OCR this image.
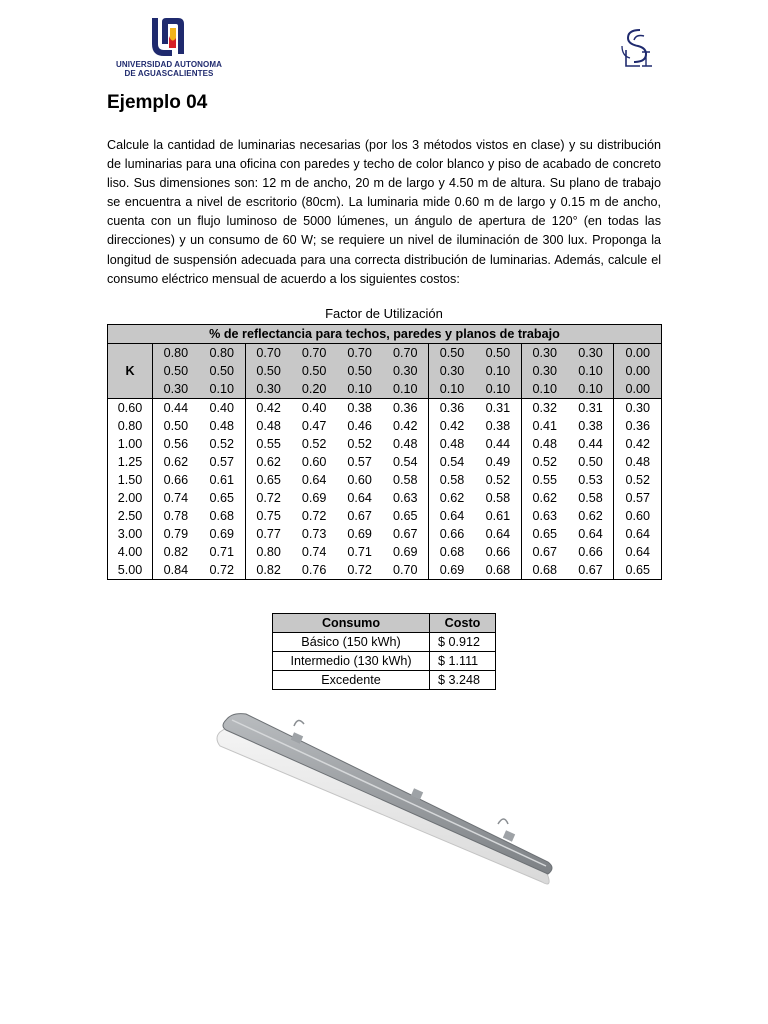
UNIVERSIDAD AUTONOMA
DE AGUASCALIENTES
Ejemplo 04
Calcule la cantidad de luminarias necesarias (por los 3 métodos vistos en clase) y su distribución de luminarias para una oficina con paredes y techo de color blanco y piso de acabado de concreto liso. Sus dimensiones son: 12 m de ancho, 20 m de largo y 4.50 m de altura. Su plano de trabajo se encuentra a nivel de escritorio (80cm). La luminaria mide 0.60 m de largo y 0.15 m de ancho, cuenta con un flujo luminoso de 5000 lúmenes, un ángulo de apertura de 120° (en todas las direcciones) y un consumo de 60 W; se requiere un nivel de iluminación de 300 lux. Proponga la longitud de suspensión adecuada para una correcta distribución de luminarias. Además, calcule el consumo eléctrico mensual de acuerdo a los siguientes costos:
Factor de Utilización
% de reflectancia para techos, paredes y planos de trabajo											
K	0.80	0.80	0.70	0.70	0.70	0.70	0.50	0.50	0.30	0.30	0.00
	0.50	0.50	0.50	0.50	0.50	0.30	0.30	0.10	0.30	0.10	0.00
	0.30	0.10	0.30	0.20	0.10	0.10	0.10	0.10	0.10	0.10	0.00
0.60	0.44	0.40	0.42	0.40	0.38	0.36	0.36	0.31	0.32	0.31	0.30
0.80	0.50	0.48	0.48	0.47	0.46	0.42	0.42	0.38	0.41	0.38	0.36
1.00	0.56	0.52	0.55	0.52	0.52	0.48	0.48	0.44	0.48	0.44	0.42
1.25	0.62	0.57	0.62	0.60	0.57	0.54	0.54	0.49	0.52	0.50	0.48
1.50	0.66	0.61	0.65	0.64	0.60	0.58	0.58	0.52	0.55	0.53	0.52
2.00	0.74	0.65	0.72	0.69	0.64	0.63	0.62	0.58	0.62	0.58	0.57
2.50	0.78	0.68	0.75	0.72	0.67	0.65	0.64	0.61	0.63	0.62	0.60
3.00	0.79	0.69	0.77	0.73	0.69	0.67	0.66	0.64	0.65	0.64	0.64
4.00	0.82	0.71	0.80	0.74	0.71	0.69	0.68	0.66	0.67	0.66	0.64
5.00	0.84	0.72	0.82	0.76	0.72	0.70	0.69	0.68	0.68	0.67	0.65
Consumo	Costo
Básico (150 kWh)	$ 0.912
Intermedio (130 kWh)	$ 1.111
Excedente	$ 3.248
